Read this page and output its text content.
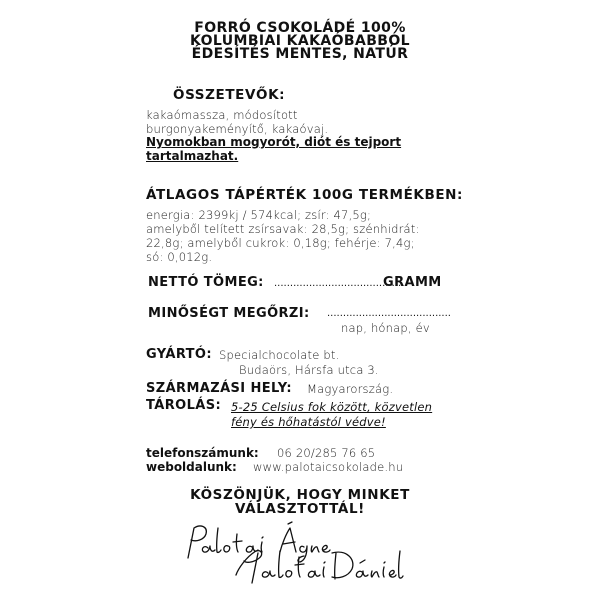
FORRÓ CSOKOLÁDÉ 100%
KOLUMBIAI KAKAÓBABBÓL
ÉDESÍTÉS MENTES, NATÚR
ÖSSZETEVŐK:
kakaómassza, módosított
burgonyakeményítő, kakaóvaj.
Nyomokban mogyorót, diót és tejport
tartalmazhat.
ÁTLAGOS TÁPÉRTÉK 100G TERMÉKBEN:
energia: 2399kj / 574kcal; zsír: 47,5g;
amelyből telített zsírsavak: 28,5g; szénhidrát:
22,8g; amelyből cukrok: 0,18g; fehérje: 7,4g;
só: 0,012g.
NETTÓ TÖMEG: ........................................
GRAMM
MINŐSÉGT MEGŐRZI: .......................................
nap, hónap, év
GYÁRTÓ: Specialchocolate bt.
Budaörs, Hársfa utca 3.
SZÁRMAZÁSI HELY: Magyarország.
TÁROLÁS: 5-25 Celsius fok között, közvetlen
fény és hőhatástól védve!
telefonszámunk: 06 20/285 76 65
weboldalunk: www.palotaicsokolade.hu
KÖSZÖNJÜK, HOGY MINKET
VÁLASZTOTTÁL!
